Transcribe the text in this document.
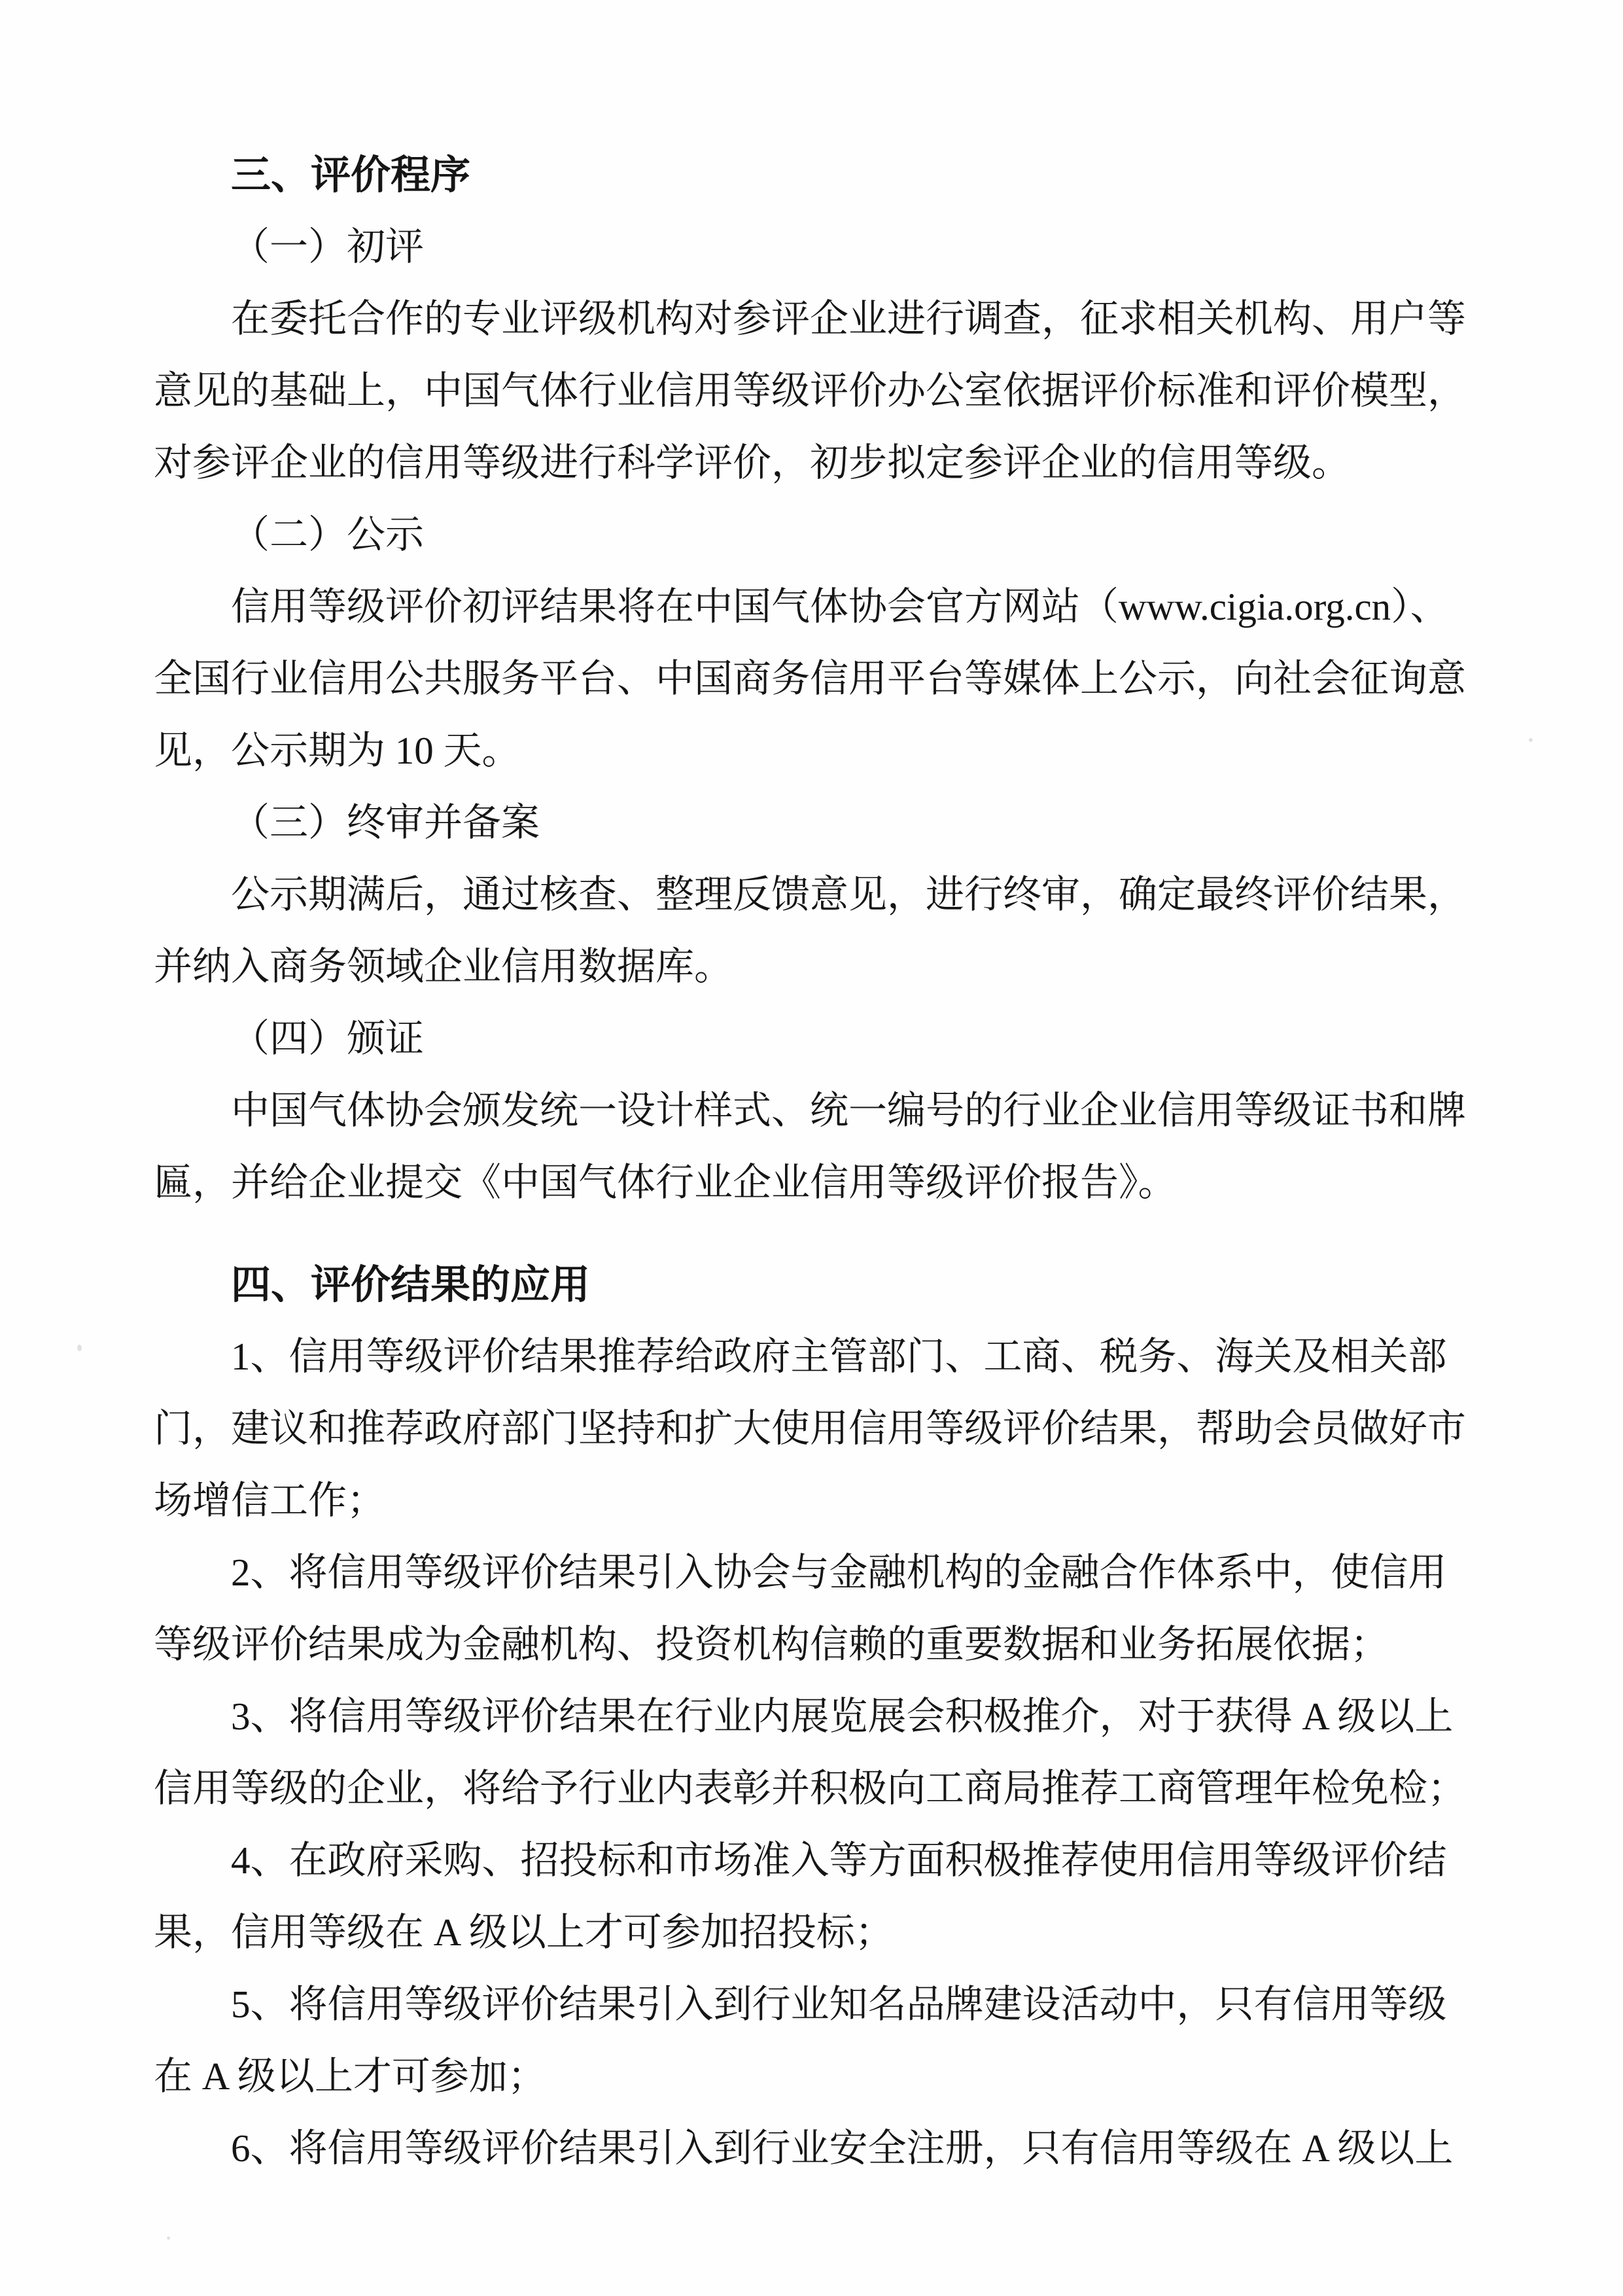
三、评价程序
（一）初评
在委托合作的专业评级机构对参评企业进行调查，征求相关机构、用户等
意见的基础上，中国气体行业信用等级评价办公室依据评价标准和评价模型，
对参评企业的信用等级进行科学评价，初步拟定参评企业的信用等级。
（二）公示
信用等级评价初评结果将在中国气体协会官方网站（www.cigia.org.cn）、
全国行业信用公共服务平台、中国商务信用平台等媒体上公示，向社会征询意
见，公示期为 10 天。
（三）终审并备案
公示期满后，通过核查、整理反馈意见，进行终审，确定最终评价结果，
并纳入商务领域企业信用数据库。
（四）颁证
中国气体协会颁发统一设计样式、统一编号的行业企业信用等级证书和牌
匾，并给企业提交《中国气体行业企业信用等级评价报告》。
四、评价结果的应用
1、信用等级评价结果推荐给政府主管部门、工商、税务、海关及相关部
门，建议和推荐政府部门坚持和扩大使用信用等级评价结果，帮助会员做好市
场增信工作；
2、将信用等级评价结果引入协会与金融机构的金融合作体系中，使信用
等级评价结果成为金融机构、投资机构信赖的重要数据和业务拓展依据；
3、将信用等级评价结果在行业内展览展会积极推介，对于获得 A 级以上
信用等级的企业，将给予行业内表彰并积极向工商局推荐工商管理年检免检；
4、在政府采购、招投标和市场准入等方面积极推荐使用信用等级评价结
果，信用等级在 A 级以上才可参加招投标；
5、将信用等级评价结果引入到行业知名品牌建设活动中，只有信用等级
在 A 级以上才可参加；
6、将信用等级评价结果引入到行业安全注册，只有信用等级在 A 级以上
